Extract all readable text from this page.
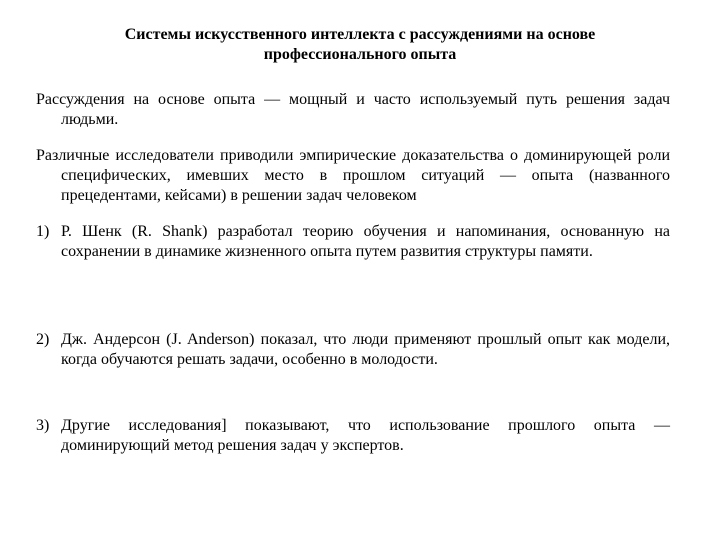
Системы искусственного интеллекта с рассуждениями на основе
профессионального опыта

Рассуждения на основе опыта — мощный и часто используемый путь решения задач людьми.

Различные исследователи приводили эмпирические доказательства о доминирующей роли специфических, имевших место в прошлом ситуаций — опыта (названного прецедентами, кейсами) в решении задач человеком

1) Р. Шенк (R. Shank) разработал теорию обучения и напоминания, основанную на сохранении в динамике жизненного опыта путем развития структуры памяти.
2) Дж. Андерсон (J. Anderson) показал, что люди применяют прошлый опыт как модели, когда обучаются решать задачи, особенно в молодости.
3) Другие исследования] показывают, что использование прошлого опыта — доминирующий метод решения задач у экспертов.
